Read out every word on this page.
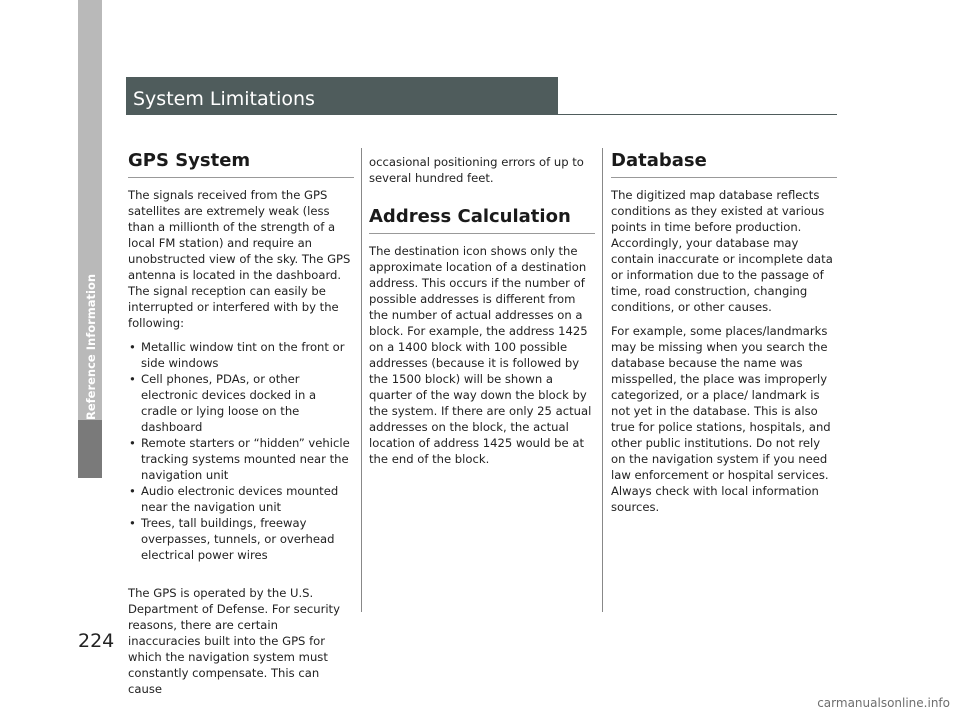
Reference Information
System Limitations
GPS System

The signals received from the GPS satellites are extremely weak (less than a millionth of the strength of a local FM station) and require an unobstructed view of the sky. The GPS antenna is located in the dashboard. The signal reception can easily be interrupted or interfered with by the following:

• Metallic window tint on the front or side windows
• Cell phones, PDAs, or other electronic devices docked in a cradle or lying loose on the dashboard
• Remote starters or “hidden” vehicle tracking systems mounted near the navigation unit
• Audio electronic devices mounted near the navigation unit
• Trees, tall buildings, freeway overpasses, tunnels, or overhead electrical power wires

The GPS is operated by the U.S. Department of Defense. For security reasons, there are certain inaccuracies built into the GPS for which the navigation system must constantly compensate. This can cause

occasional positioning errors of up to several hundred feet.

Address Calculation

The destination icon shows only the approximate location of a destination address. This occurs if the number of possible addresses is different from the number of actual addresses on a block. For example, the address 1425 on a 1400 block with 100 possible addresses (because it is followed by the 1500 block) will be shown a quarter of the way down the block by the system. If there are only 25 actual addresses on the block, the actual location of address 1425 would be at the end of the block.

Database

The digitized map database reflects conditions as they existed at various points in time before production. Accordingly, your database may contain inaccurate or incomplete data or information due to the passage of time, road construction, changing conditions, or other causes.

For example, some places/landmarks may be missing when you search the database because the name was misspelled, the place was improperly categorized, or a place/ landmark is not yet in the database. This is also true for police stations, hospitals, and other public institutions. Do not rely on the navigation system if you need law enforcement or hospital services. Always check with local information sources.

224
carmanualsonline.info
